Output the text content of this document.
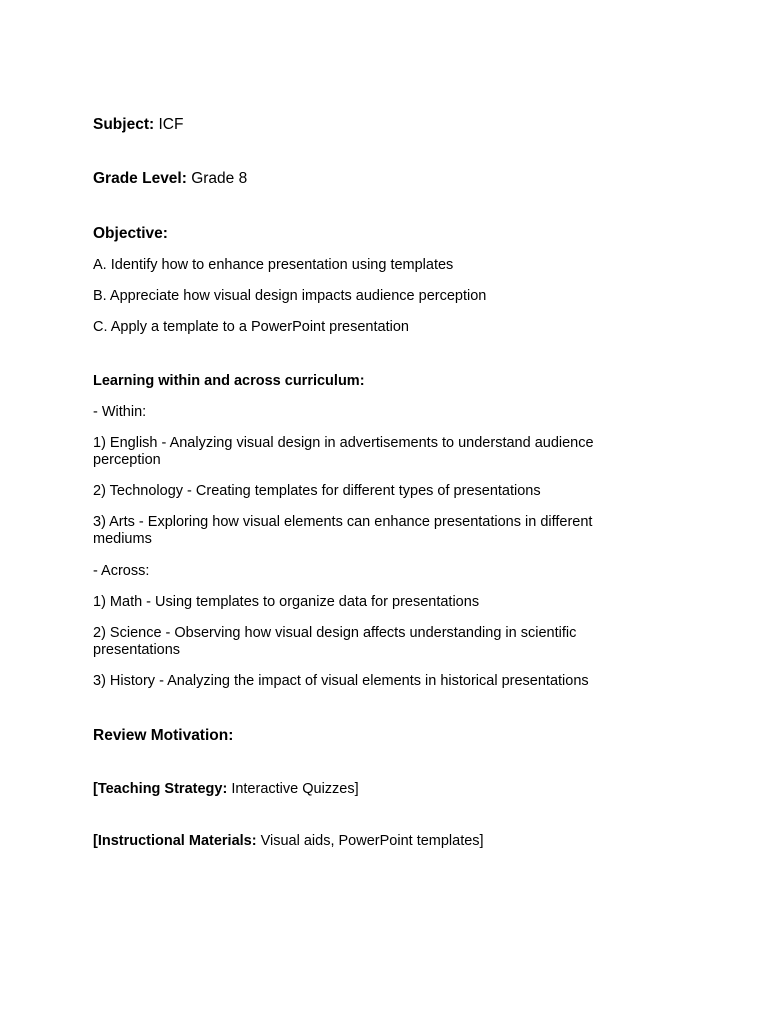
Subject: ICF
Grade Level: Grade 8
Objective:
A. Identify how to enhance presentation using templates
B. Appreciate how visual design impacts audience perception
C. Apply a template to a PowerPoint presentation
Learning within and across curriculum:
- Within:
1) English - Analyzing visual design in advertisements to understand audience perception
2) Technology - Creating templates for different types of presentations
3) Arts - Exploring how visual elements can enhance presentations in different mediums
- Across:
1) Math - Using templates to organize data for presentations
2) Science - Observing how visual design affects understanding in scientific presentations
3) History - Analyzing the impact of visual elements in historical presentations
Review Motivation:
[Teaching Strategy: Interactive Quizzes]
[Instructional Materials: Visual aids, PowerPoint templates]
